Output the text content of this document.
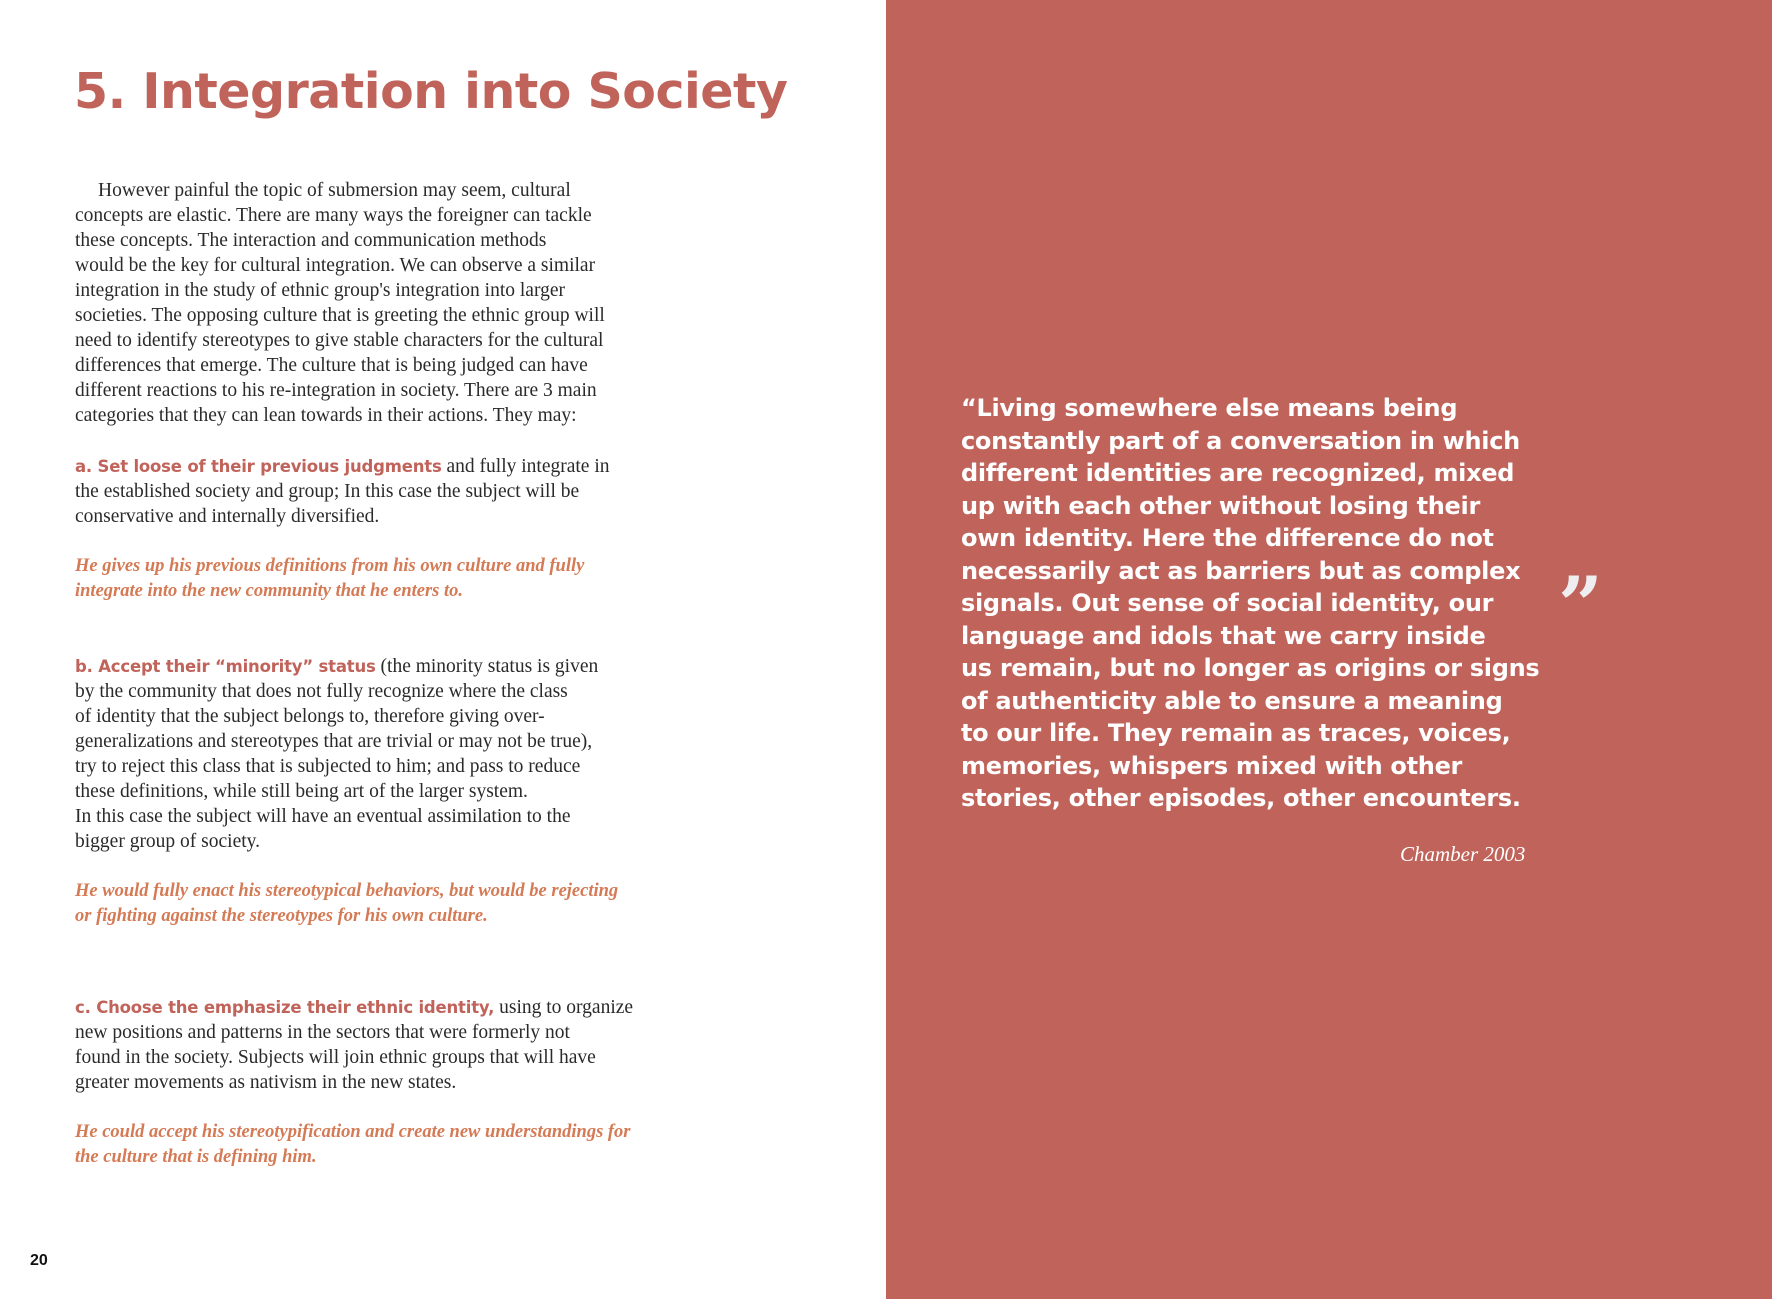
5. Integration into Society
However painful the topic of submersion may seem, cultural
concepts are elastic. There are many ways the foreigner can tackle
these concepts. The interaction and communication methods
would be the key for cultural integration. We can observe a similar
integration in the study of ethnic group's integration into larger
societies. The opposing culture that is greeting the ethnic group will
need to identify stereotypes to give stable characters for the cultural
differences that emerge. The culture that is being judged can have
different reactions to his re-integration in society. There are 3 main
categories that they can lean towards in their actions. They may:
a. Set loose of their previous judgments and fully integrate in
the established society and group; In this case the subject will be
conservative and internally diversified.
He gives up his previous definitions from his own culture and fully
integrate into the new community that he enters to.
b. Accept their “minority” status (the minority status is given
by the community that does not fully recognize where the class
of identity that the subject belongs to, therefore giving over-
generalizations and stereotypes that are trivial or may not be true),
try to reject this class that is subjected to him; and pass to reduce
these definitions, while still being art of the larger system.
In this case the subject will have an eventual assimilation to the
bigger group of society.
He would fully enact his stereotypical behaviors, but would be rejecting
or fighting against the stereotypes for his own culture.
c. Choose the emphasize their ethnic identity, using to organize
new positions and patterns in the sectors that were formerly not
found in the society. Subjects will join ethnic groups that will have
greater movements as nativism in the new states.
He could accept his stereotypification and create new understandings for
the culture that is defining him.
20
“Living somewhere else means being
constantly part of a conversation in which
different identities are recognized, mixed
up with each other without losing their
own identity. Here the difference do not
necessarily act as barriers but as complex
signals. Out sense of social identity, our
language and idols that we carry inside
us remain, but no longer as origins or signs
of authenticity able to ensure a meaning
to our life. They remain as traces, voices,
memories, whispers mixed with other
stories, other episodes, other encounters.
”
Chamber 2003
